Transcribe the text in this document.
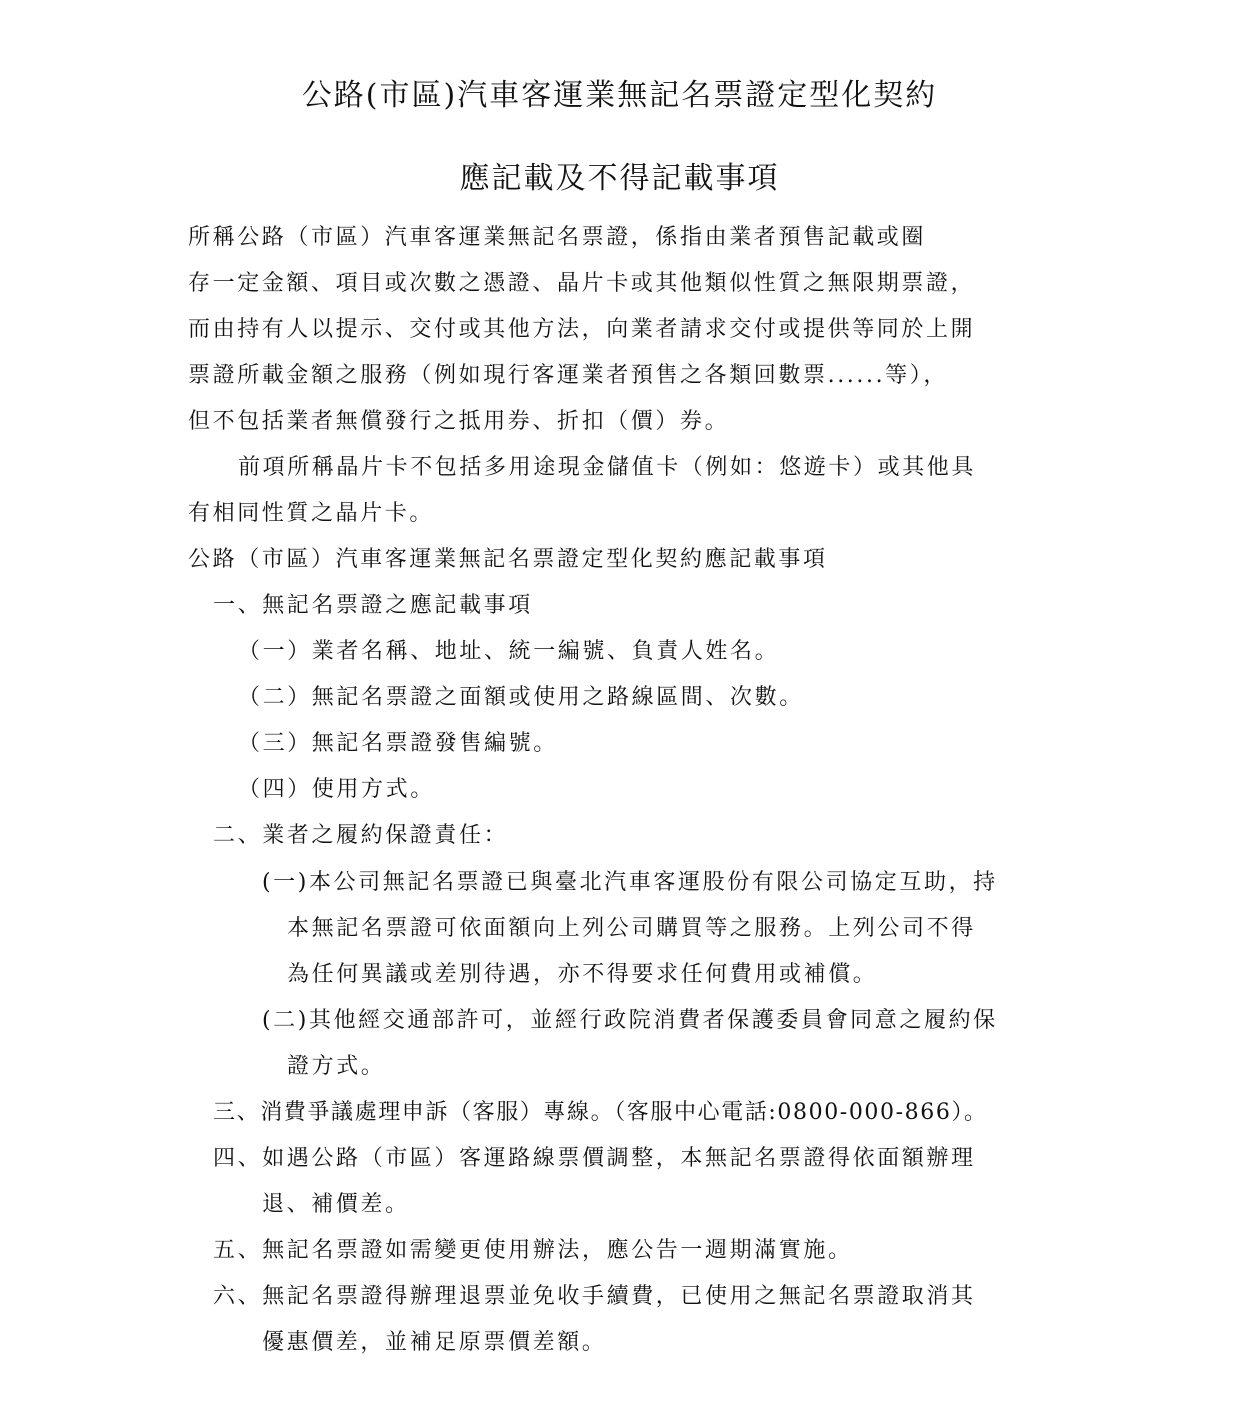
公路(市區)汽車客運業無記名票證定型化契約
應記載及不得記載事項
所稱公路（市區）汽車客運業無記名票證，係指由業者預售記載或圈
存一定金額、項目或次數之憑證、晶片卡或其他類似性質之無限期票證，
而由持有人以提示、交付或其他方法，向業者請求交付或提供等同於上開
票證所載金額之服務（例如現行客運業者預售之各類回數票......等），
但不包括業者無償發行之抵用券、折扣（價）券。
前項所稱晶片卡不包括多用途現金儲值卡（例如：悠遊卡）或其他具
有相同性質之晶片卡。
公路（市區）汽車客運業無記名票證定型化契約應記載事項
一、無記名票證之應記載事項
（一）業者名稱、地址、統一編號、負責人姓名。
（二）無記名票證之面額或使用之路線區間、次數。
（三）無記名票證發售編號。
（四）使用方式。
二、業者之履約保證責任：
(一)本公司無記名票證已與臺北汽車客運股份有限公司協定互助，持
本無記名票證可依面額向上列公司購買等之服務。上列公司不得
為任何異議或差別待遇，亦不得要求任何費用或補償。
(二)其他經交通部許可，並經行政院消費者保護委員會同意之履約保
證方式。
三、消費爭議處理申訴（客服）專線。（客服中心電話:0800-000-866）。
四、如遇公路（市區）客運路線票價調整，本無記名票證得依面額辦理
退、補價差。
五、無記名票證如需變更使用辦法，應公告一週期滿實施。
六、無記名票證得辦理退票並免收手續費，已使用之無記名票證取消其
優惠價差，並補足原票價差額。
